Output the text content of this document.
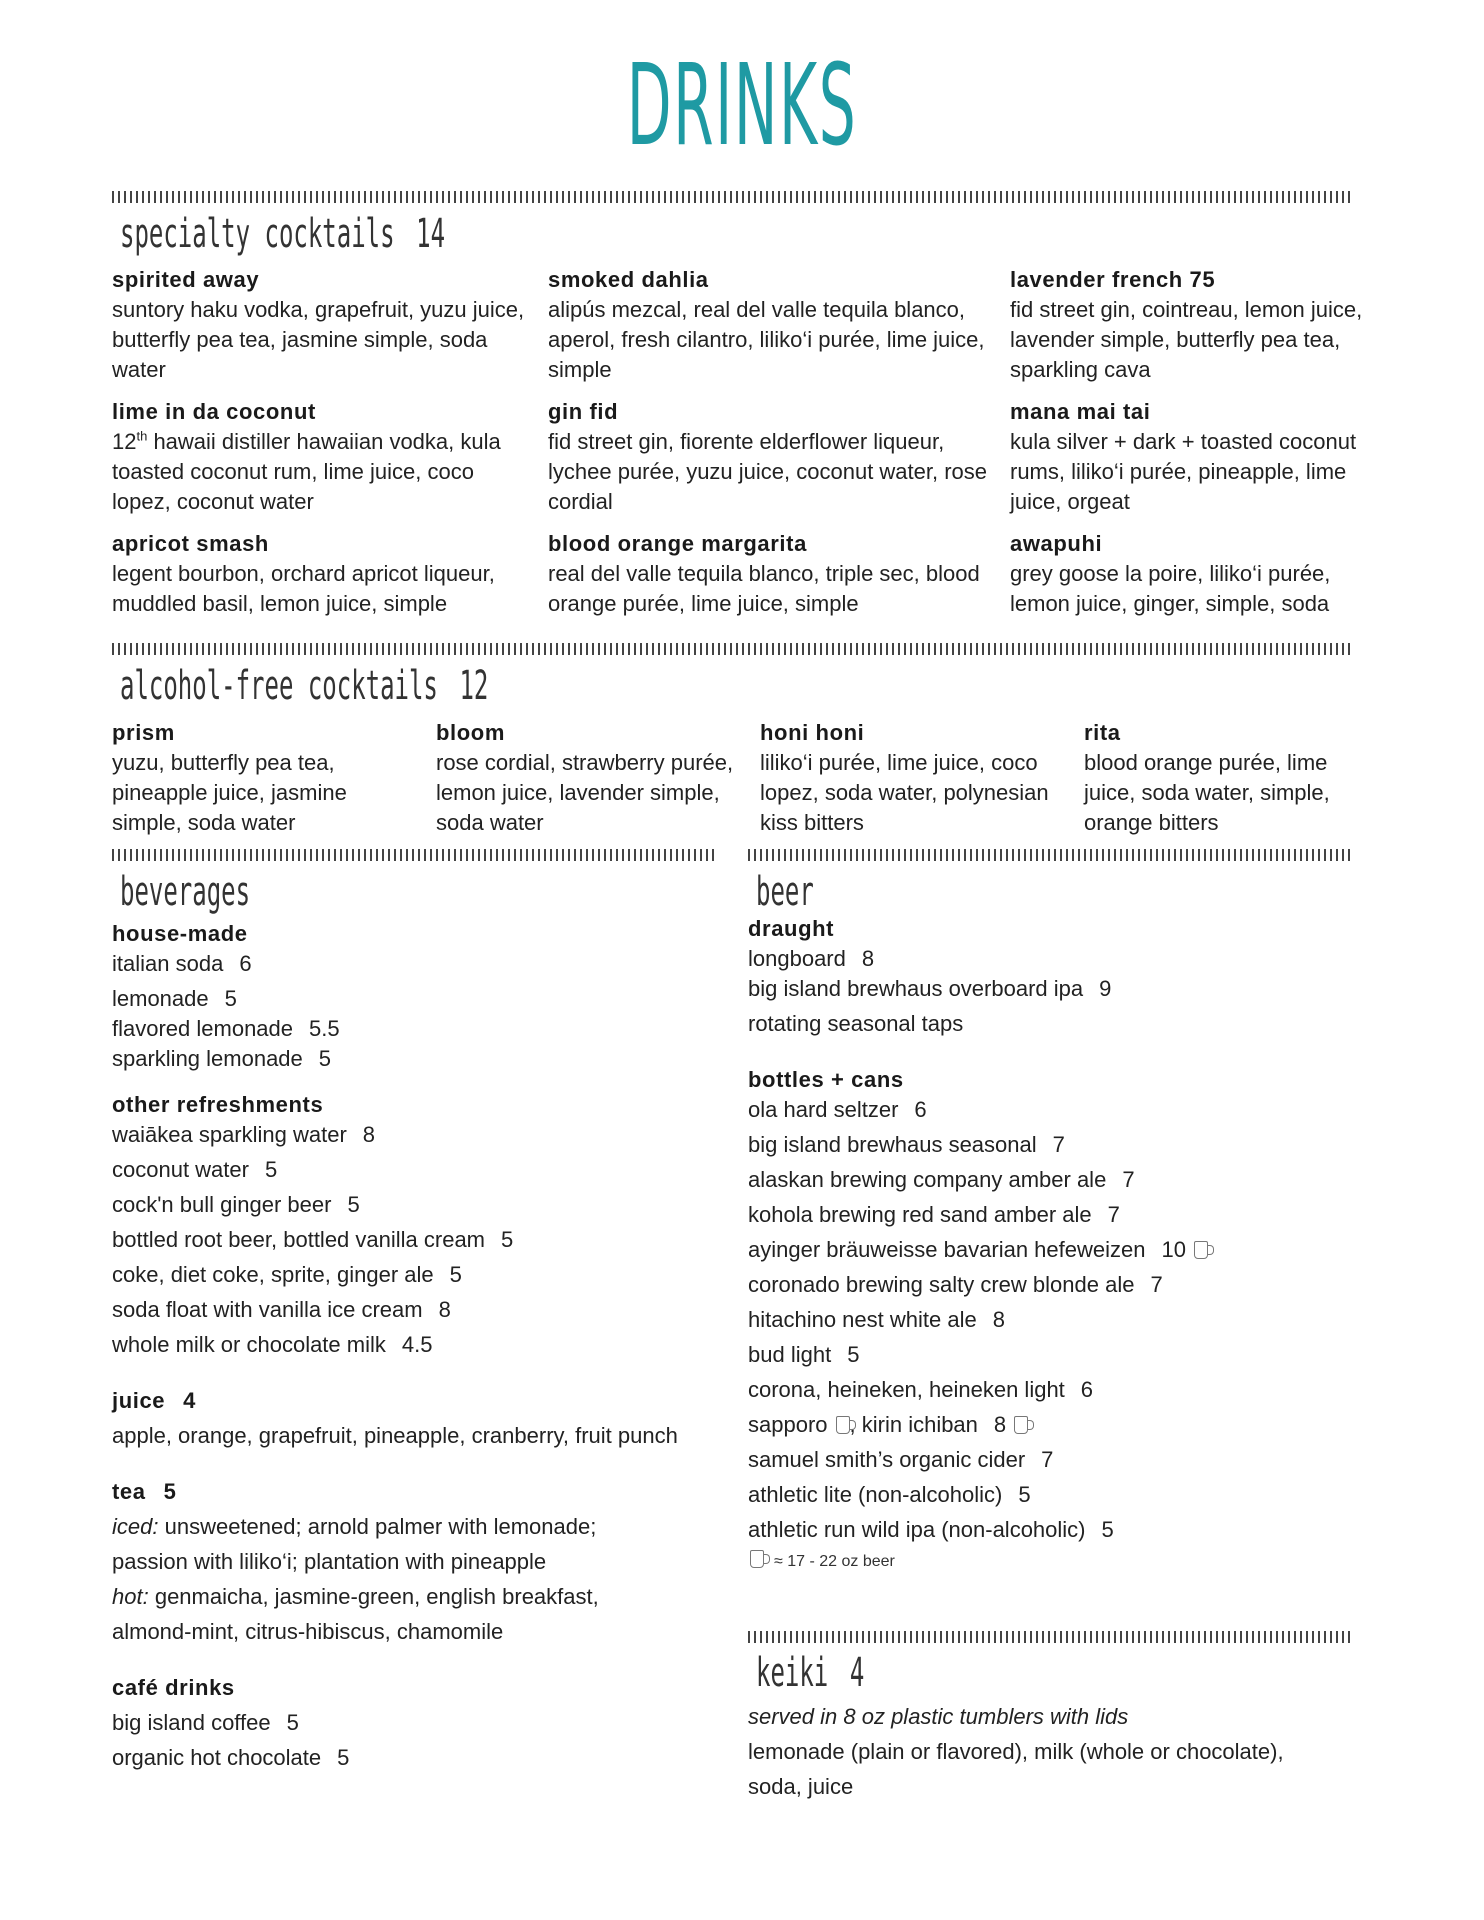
DRINKS
specialty cocktails 14
spirited away
suntory haku vodka, grapefruit, yuzu juice, butterfly pea tea, jasmine simple, soda water
smoked dahlia
alipús mezcal, real del valle tequila blanco, aperol, fresh cilantro, liliko‘i purée, lime juice, simple
lavender french 75
fid street gin, cointreau, lemon juice, lavender simple, butterfly pea tea, sparkling cava
lime in da coconut
12th hawaii distiller hawaiian vodka, kula toasted coconut rum, lime juice, coco lopez, coconut water
gin fid
fid street gin, fiorente elderflower liqueur, lychee purée, yuzu juice, coconut water, rose cordial
mana mai tai
kula silver + dark + toasted coconut rums, liliko‘i purée, pineapple, lime juice, orgeat
apricot smash
legent bourbon, orchard apricot liqueur, muddled basil, lemon juice, simple
blood orange margarita
real del valle tequila blanco, triple sec, blood orange purée, lime juice, simple
awapuhi
grey goose la poire, liliko‘i purée, lemon juice, ginger, simple, soda
alcohol-free cocktails 12
prism
yuzu, butterfly pea tea, pineapple juice, jasmine simple, soda water
bloom
rose cordial, strawberry purée, lemon juice, lavender simple, soda water
honi honi
liliko‘i purée, lime juice, coco lopez, soda water, polynesian kiss bitters
rita
blood orange purée, lime juice, soda water, simple, orange bitters
beverages
house-made
italian soda 6
lemonade 5
flavored lemonade 5.5
sparkling lemonade 5
other refreshments
waiākea sparkling water 8
coconut water 5
cock'n bull ginger beer 5
bottled root beer, bottled vanilla cream 5
coke, diet coke, sprite, ginger ale 5
soda float with vanilla ice cream 8
whole milk or chocolate milk 4.5
juice 4
apple, orange, grapefruit, pineapple, cranberry, fruit punch
tea 5
iced: unsweetened; arnold palmer with lemonade;
passion with liliko‘i; plantation with pineapple
hot: genmaicha, jasmine-green, english breakfast,
almond-mint, citrus-hibiscus, chamomile
café drinks
big island coffee 5
organic hot chocolate 5
beer
draught
longboard 8
big island brewhaus overboard ipa 9
rotating seasonal taps
bottles + cans
ola hard seltzer 6
big island brewhaus seasonal 7
alaskan brewing company amber ale 7
kohola brewing red sand amber ale 7
ayinger bräuweisse bavarian hefeweizen 10
coronado brewing salty crew blonde ale 7
hitachino nest white ale 8
bud light 5
corona, heineken, heineken light 6
sapporo , kirin ichiban 8
samuel smith’s organic cider 7
athletic lite (non-alcoholic) 5
athletic run wild ipa (non-alcoholic) 5
≈ 17 - 22 oz beer
keiki 4
served in 8 oz plastic tumblers with lids
lemonade (plain or flavored), milk (whole or chocolate),
soda, juice
